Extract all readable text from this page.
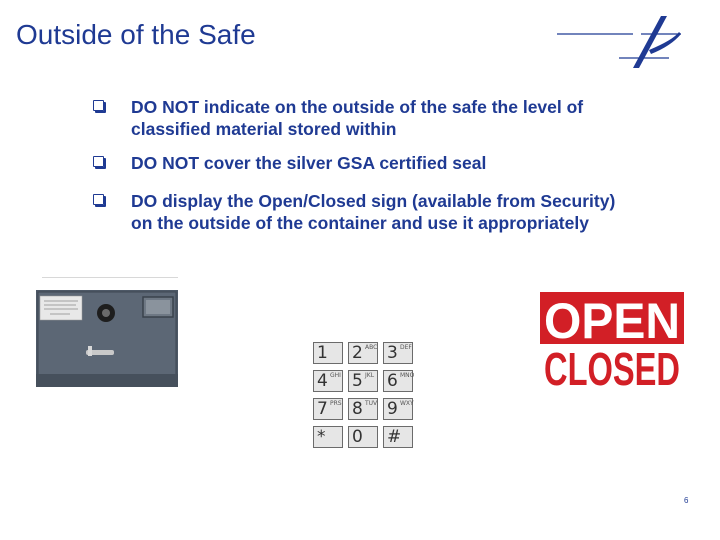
Outside of the Safe
DO NOT indicate on the outside of the safe the level of classified material stored within
DO NOT cover the silver GSA certified seal
DO display the Open/Closed sign (available from Security) on the outside of the container and use it appropriately
1 2 ABC 3 DEF
4 GHI 5 JKL 6 MNO
7 PRS 8 TUV 9 WXY
* 0 #
OPEN
CLOSED
6
